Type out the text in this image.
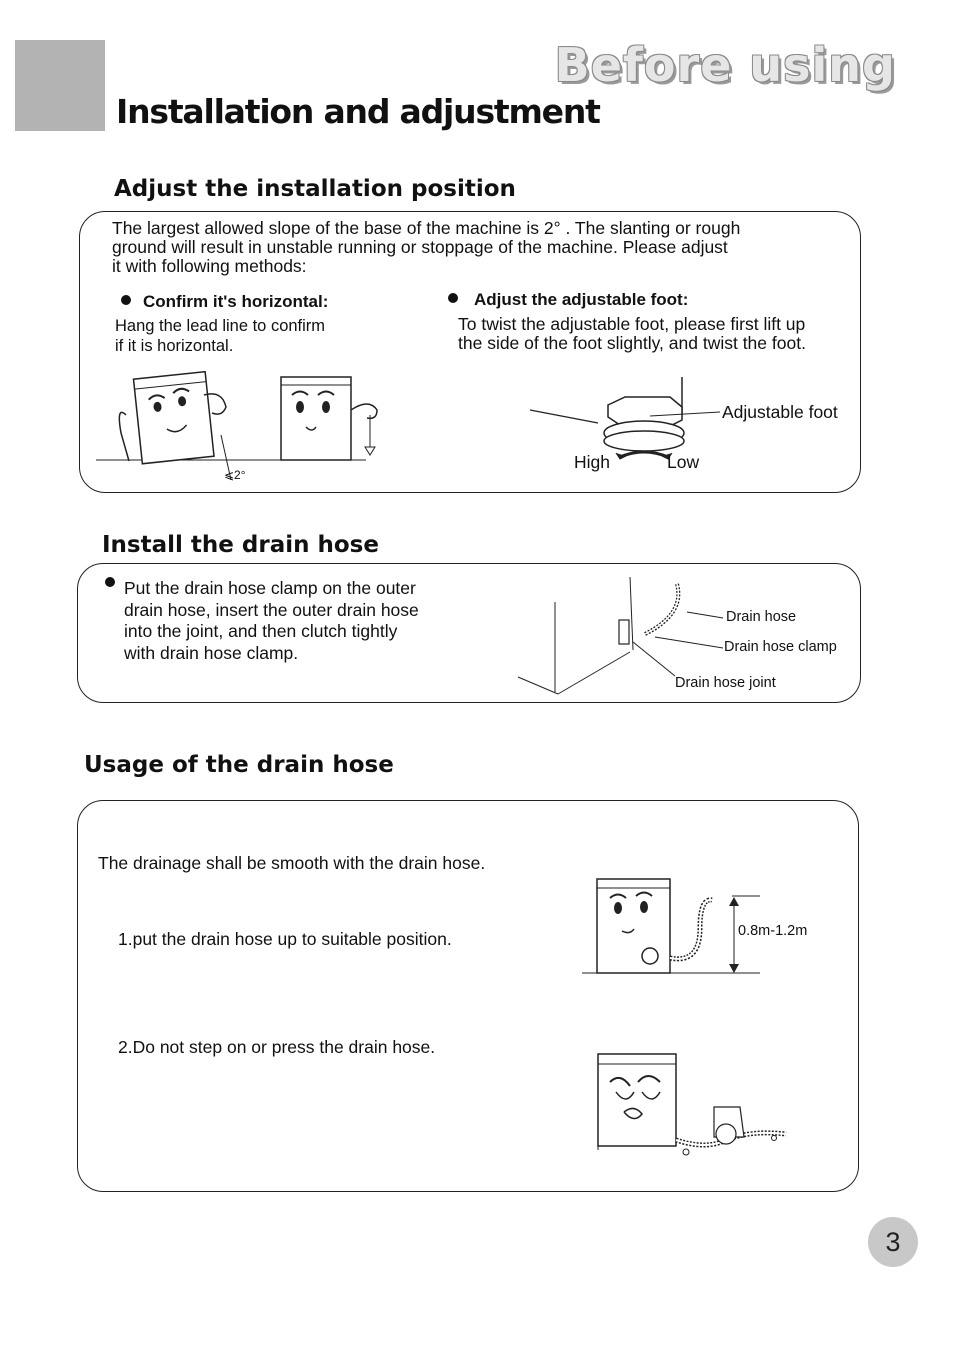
Before using
Installation and adjustment
Adjust the installation position
The largest allowed slope of the base of the machine is 2° . The slanting or rough
ground will result in unstable running or stoppage of the machine. Please adjust
it with following methods:
Confirm it's horizontal:
Hang the lead line to confirm
if it is horizontal.
Adjust the adjustable foot:
To twist the adjustable foot, please first lift up
the side of the foot slightly, and twist the foot.
⩽2°
Adjustable foot
High	Low
Install the drain hose
Put the drain hose clamp on the outer
drain hose, insert the outer drain hose
into the joint, and then clutch tightly
with drain hose clamp.
Drain hose
Drain hose clamp
Drain hose joint
Usage of the drain hose
The drainage shall be smooth with the drain hose.
1.put the drain hose up to suitable position.
2.Do not step on or press the drain hose.
0.8m-1.2m
3
